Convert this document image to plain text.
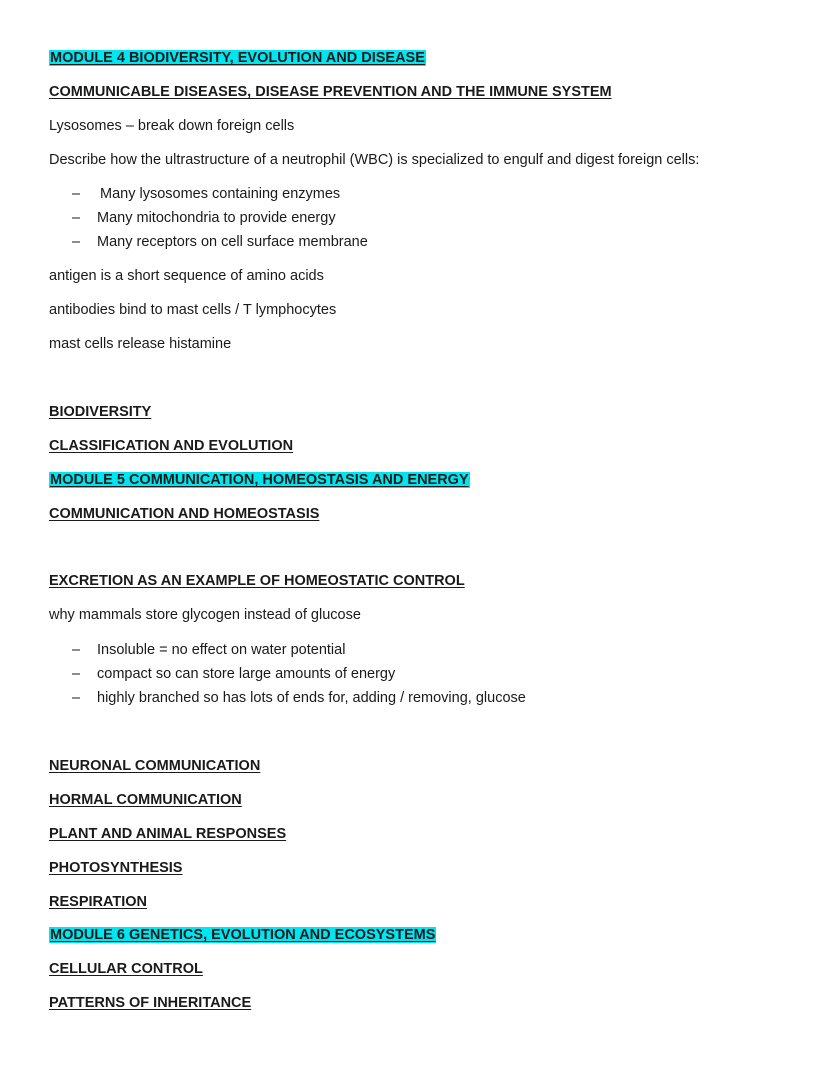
MODULE 4 BIODIVERSITY, EVOLUTION AND DISEASE
COMMUNICABLE DISEASES, DISEASE PREVENTION AND THE IMMUNE SYSTEM
Lysosomes – break down foreign cells
Describe how the ultrastructure of a neutrophil (WBC) is specialized to engulf and digest foreign cells:
– Many lysosomes containing enzymes
– Many mitochondria to provide energy
– Many receptors on cell surface membrane
antigen is a short sequence of amino acids
antibodies bind to mast cells / T lymphocytes
mast cells release histamine
BIODIVERSITY
CLASSIFICATION AND EVOLUTION
MODULE 5 COMMUNICATION, HOMEOSTASIS AND ENERGY
COMMUNICATION AND HOMEOSTASIS
EXCRETION AS AN EXAMPLE OF HOMEOSTATIC CONTROL
why mammals store glycogen instead of glucose
– Insoluble = no effect on water potential
– compact so can store large amounts of energy
– highly branched so has lots of ends for, adding / removing, glucose
NEURONAL COMMUNICATION
HORMAL COMMUNICATION
PLANT AND ANIMAL RESPONSES
PHOTOSYNTHESIS
RESPIRATION
MODULE 6 GENETICS, EVOLUTION AND ECOSYSTEMS
CELLULAR CONTROL
PATTERNS OF INHERITANCE
